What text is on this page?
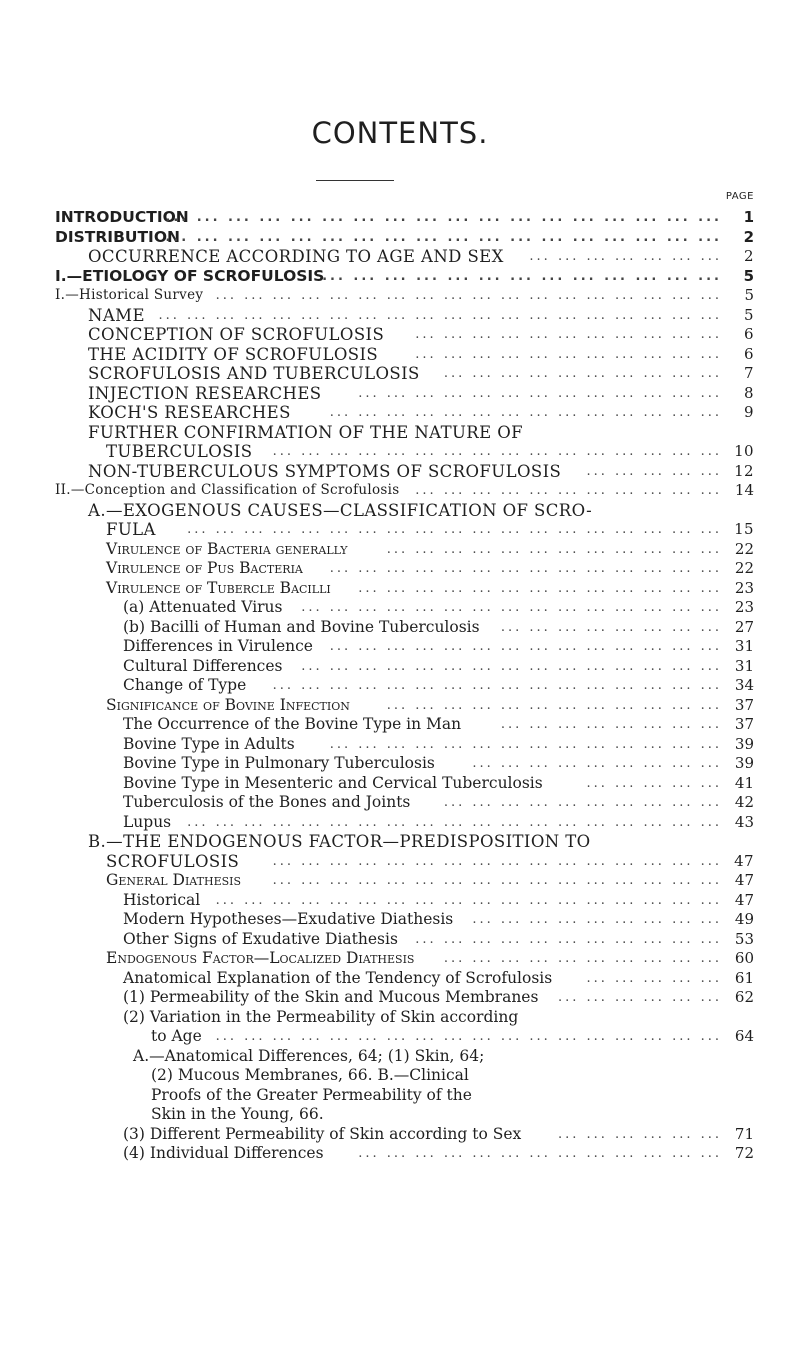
CONTENTS.
PAGE
INTRODUCTION	1
... ... ... ... ... ... ... ... ... ... ... ... ... ... ... ... ... ...
DISTRIBUTION	2
... ... ... ... ... ... ... ... ... ... ... ... ... ... ... ... ... ...
OCCURRENCE ACCORDING TO AGE AND SEX	2
... ... ... ... ... ... ...
I.—ETIOLOGY OF SCROFULOSIS	5
... ... ... ... ... ... ... ... ... ... ... ... ...
I.—Historical Survey	5
... ... ... ... ... ... ... ... ... ... ... ... ... ... ... ... ... ...
NAME	5
... ... ... ... ... ... ... ... ... ... ... ... ... ... ... ... ... ... ... ...
CONCEPTION OF SCROFULOSIS	6
... ... ... ... ... ... ... ... ... ... ...
THE ACIDITY OF SCROFULOSIS	6
... ... ... ... ... ... ... ... ... ... ...
SCROFULOSIS AND TUBERCULOSIS	7
... ... ... ... ... ... ... ... ... ...
INJECTION RESEARCHES	8
... ... ... ... ... ... ... ... ... ... ... ... ...
KOCH'S RESEARCHES	9
... ... ... ... ... ... ... ... ... ... ... ... ... ...
FURTHER CONFIRMATION OF THE NATURE OF
TUBERCULOSIS	10
... ... ... ... ... ... ... ... ... ... ... ... ... ... ... ...
NON-TUBERCULOUS SYMPTOMS OF SCROFULOSIS	12
... ... ... ... ...
II.—Conception and Classification of Scrofulosis	14
... ... ... ... ... ... ... ... ... ... ...
A.—EXOGENOUS CAUSES—CLASSIFICATION OF SCRO-
FULA	15
... ... ... ... ... ... ... ... ... ... ... ... ... ... ... ... ... ... ...
Virulence of Bacteria generally	22
... ... ... ... ... ... ... ... ... ... ... ...
Virulence of Pus Bacteria	22
... ... ... ... ... ... ... ... ... ... ... ... ... ...
Virulence of Tubercle Bacilli	23
... ... ... ... ... ... ... ... ... ... ... ... ...
(a) Attenuated Virus	23
... ... ... ... ... ... ... ... ... ... ... ... ... ... ...
(b) Bacilli of Human and Bovine Tuberculosis	27
... ... ... ... ... ... ... ...
Differences in Virulence	31
... ... ... ... ... ... ... ... ... ... ... ... ... ...
Cultural Differences	31
... ... ... ... ... ... ... ... ... ... ... ... ... ... ...
Change of Type	34
... ... ... ... ... ... ... ... ... ... ... ... ... ... ... ...
Significance of Bovine Infection	37
... ... ... ... ... ... ... ... ... ... ... ...
The Occurrence of the Bovine Type in Man	37
... ... ... ... ... ... ... ...
Bovine Type in Adults	39
... ... ... ... ... ... ... ... ... ... ... ... ... ...
Bovine Type in Pulmonary Tuberculosis	39
... ... ... ... ... ... ... ... ...
Bovine Type in Mesenteric and Cervical Tuberculosis	41
... ... ... ... ...
Tuberculosis of the Bones and Joints	42
... ... ... ... ... ... ... ... ... ...
Lupus	43
... ... ... ... ... ... ... ... ... ... ... ... ... ... ... ... ... ... ...
B.—THE ENDOGENOUS FACTOR—PREDISPOSITION TO
SCROFULOSIS	47
... ... ... ... ... ... ... ... ... ... ... ... ... ... ... ...
General Diathesis	47
... ... ... ... ... ... ... ... ... ... ... ... ... ... ... ...
Historical	47
... ... ... ... ... ... ... ... ... ... ... ... ... ... ... ... ... ...
Modern Hypotheses—Exudative Diathesis	49
... ... ... ... ... ... ... ... ...
Other Signs of Exudative Diathesis	53
... ... ... ... ... ... ... ... ... ... ...
Endogenous Factor—Localized Diathesis	60
... ... ... ... ... ... ... ... ... ...
Anatomical Explanation of the Tendency of Scrofulosis	61
... ... ... ... ...
(1) Permeability of the Skin and Mucous Membranes	62
... ... ... ... ... ...
(2) Variation in the Permeability of Skin according
to Age	64
... ... ... ... ... ... ... ... ... ... ... ... ... ... ... ... ... ...
A.—Anatomical Differences, 64; (1) Skin, 64;
(2) Mucous Membranes, 66. B.—Clinical
Proofs of the Greater Permeability of the
Skin in the Young, 66.
(3) Different Permeability of Skin according to Sex	71
... ... ... ... ... ...
(4) Individual Differences	72
... ... ... ... ... ... ... ... ... ... ... ... ...
